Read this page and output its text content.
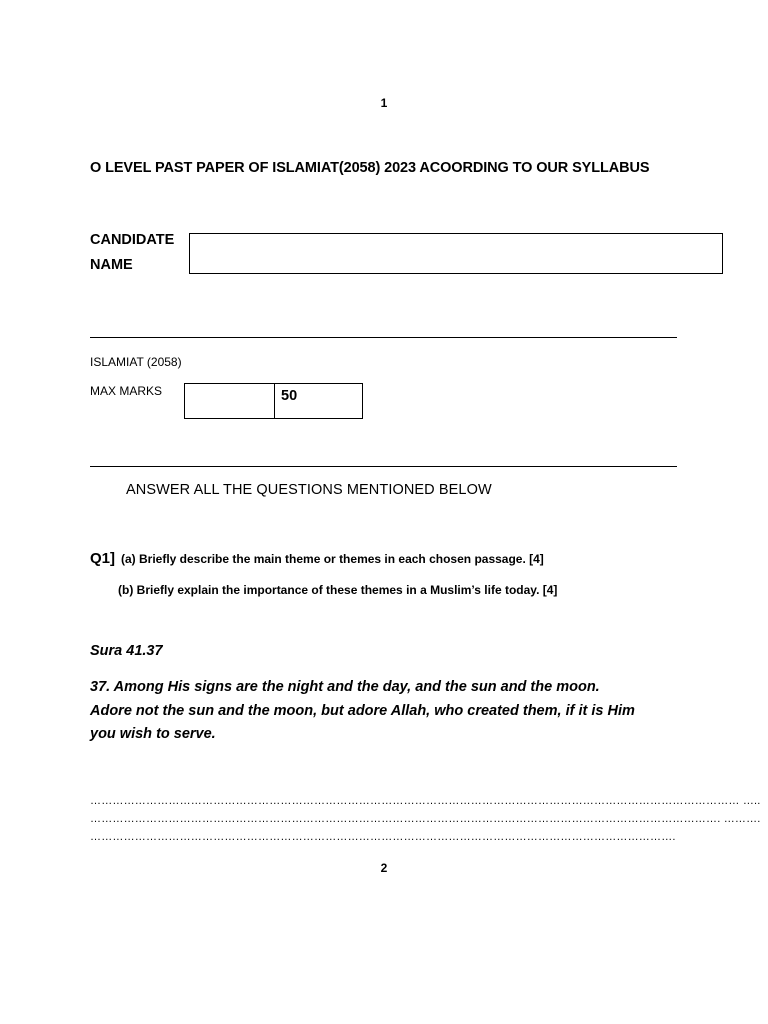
1
O LEVEL PAST PAPER OF ISLAMIAT(2058) 2023 ACOORDING TO OUR SYLLABUS
CANDIDATE
NAME
ISLAMIAT (2058)
MAX MARKS	50
ANSWER ALL THE QUESTIONS MENTIONED BELOW
Q1] (a) Briefly describe the main theme or themes in each chosen passage. [4]
(b) Briefly explain the importance of these themes in a Muslim’s life today. [4]
Sura 41.37
37. Among His signs are the night and the day, and the sun and the moon.
Adore not the sun and the moon, but adore Allah, who created them, if it is Him
you wish to serve.
………………………………………………………………………………………………………………………………………………………… …..
……………………………………………………………………………………………………………………………………………………. ……….
………………………………………………………………………………………………………………………………………….
2
